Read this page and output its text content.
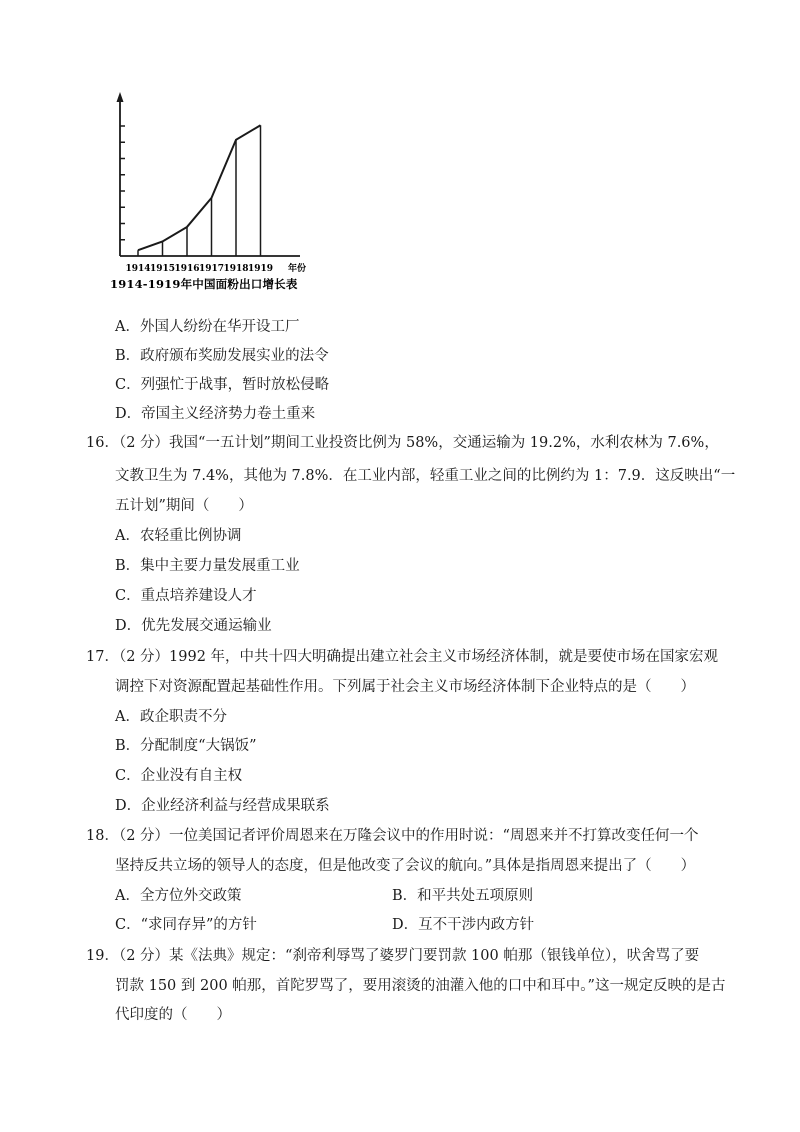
1914 1915 1916 1917 1918 1919 年份
1914-1919年中国面粉出口增长表
A．外国人纷纷在华开设工厂
B．政府颁布奖励发展实业的法令
C．列强忙于战事，暂时放松侵略
D．帝国主义经济势力卷土重来
16．（2 分）我国“一五计划”期间工业投资比例为 58%，交通运输为 19.2%，水利农林为 7.6%，
文教卫生为 7.4%，其他为 7.8%．在工业内部，轻重工业之间的比例约为 1：7.9．这反映出“一
五计划”期间（　　）
A．农轻重比例协调
B．集中主要力量发展重工业
C．重点培养建设人才
D．优先发展交通运输业
17．（2 分）1992 年，中共十四大明确提出建立社会主义市场经济体制，就是要使市场在国家宏观
调控下对资源配置起基础性作用。下列属于社会主义市场经济体制下企业特点的是（　　）
A．政企职责不分
B．分配制度“大锅饭”
C．企业没有自主权
D．企业经济利益与经营成果联系
18．（2 分）一位美国记者评价周恩来在万隆会议中的作用时说：“周恩来并不打算改变任何一个
坚持反共立场的领导人的态度，但是他改变了会议的航向。”具体是指周恩来提出了（　　）
A．全方位外交政策	B．和平共处五项原则
C．“求同存异”的方针	D．互不干涉内政方针
19．（2 分）某《法典》规定：“刹帝利辱骂了婆罗门要罚款 100 帕那（银钱单位），吠舍骂了要
罚款 150 到 200 帕那，首陀罗骂了，要用滚烫的油灌入他的口中和耳中。”这一规定反映的是古
代印度的（　　）
